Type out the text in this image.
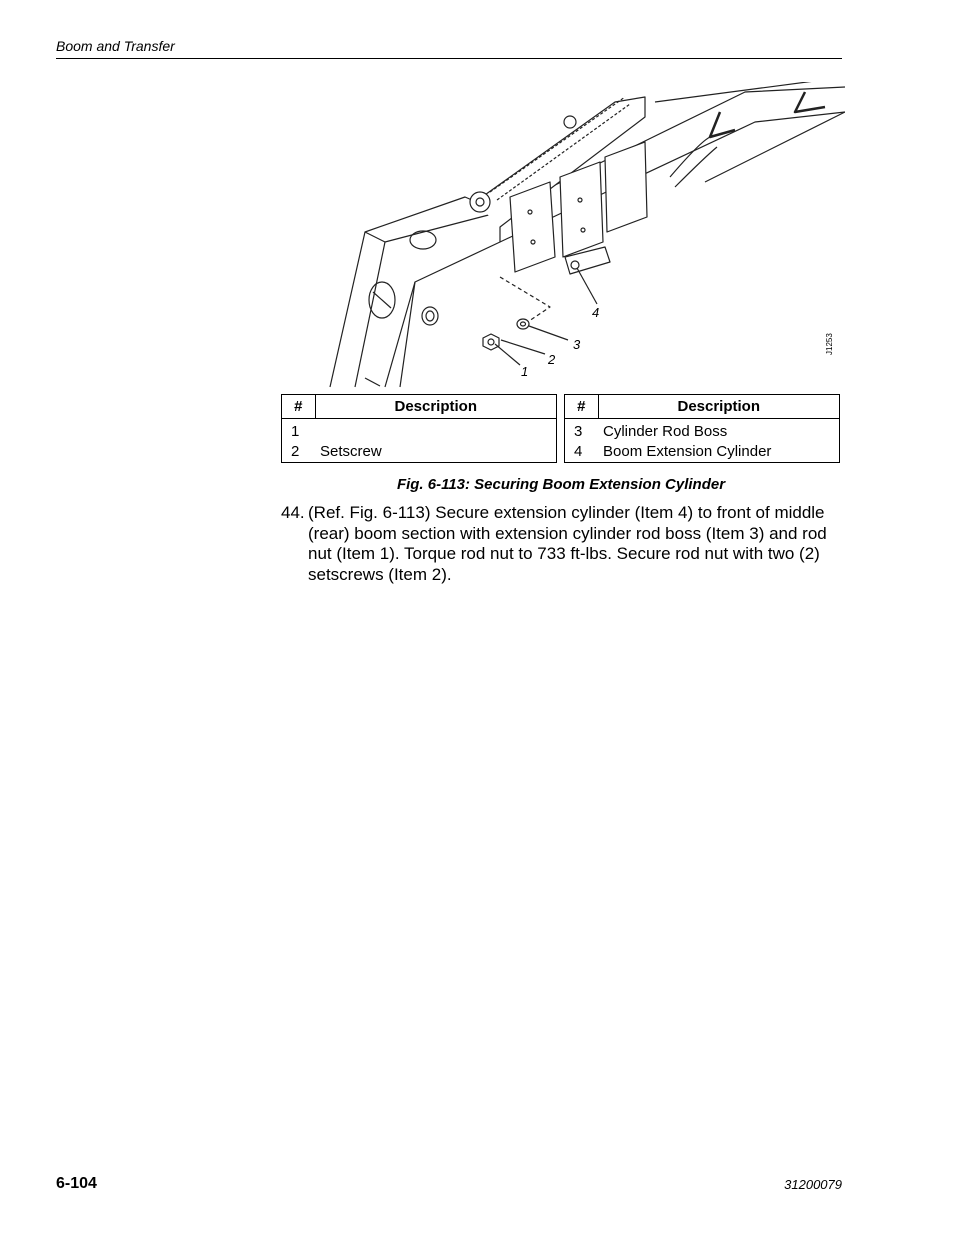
Boom and Transfer
1
2
3
4
J1253
#	Description
1	
2	Setscrew
#	Description
3	Cylinder Rod Boss
4	Boom Extension Cylinder
Fig. 6-113: Securing Boom Extension Cylinder
44. (Ref. Fig. 6-113) Secure extension cylinder (Item 4) to front of middle (rear) boom section with extension cylinder rod boss (Item 3) and rod nut (Item 1). Torque rod nut to 733 ft-lbs. Secure rod nut with two (2) setscrews (Item 2).
6-104	31200079
